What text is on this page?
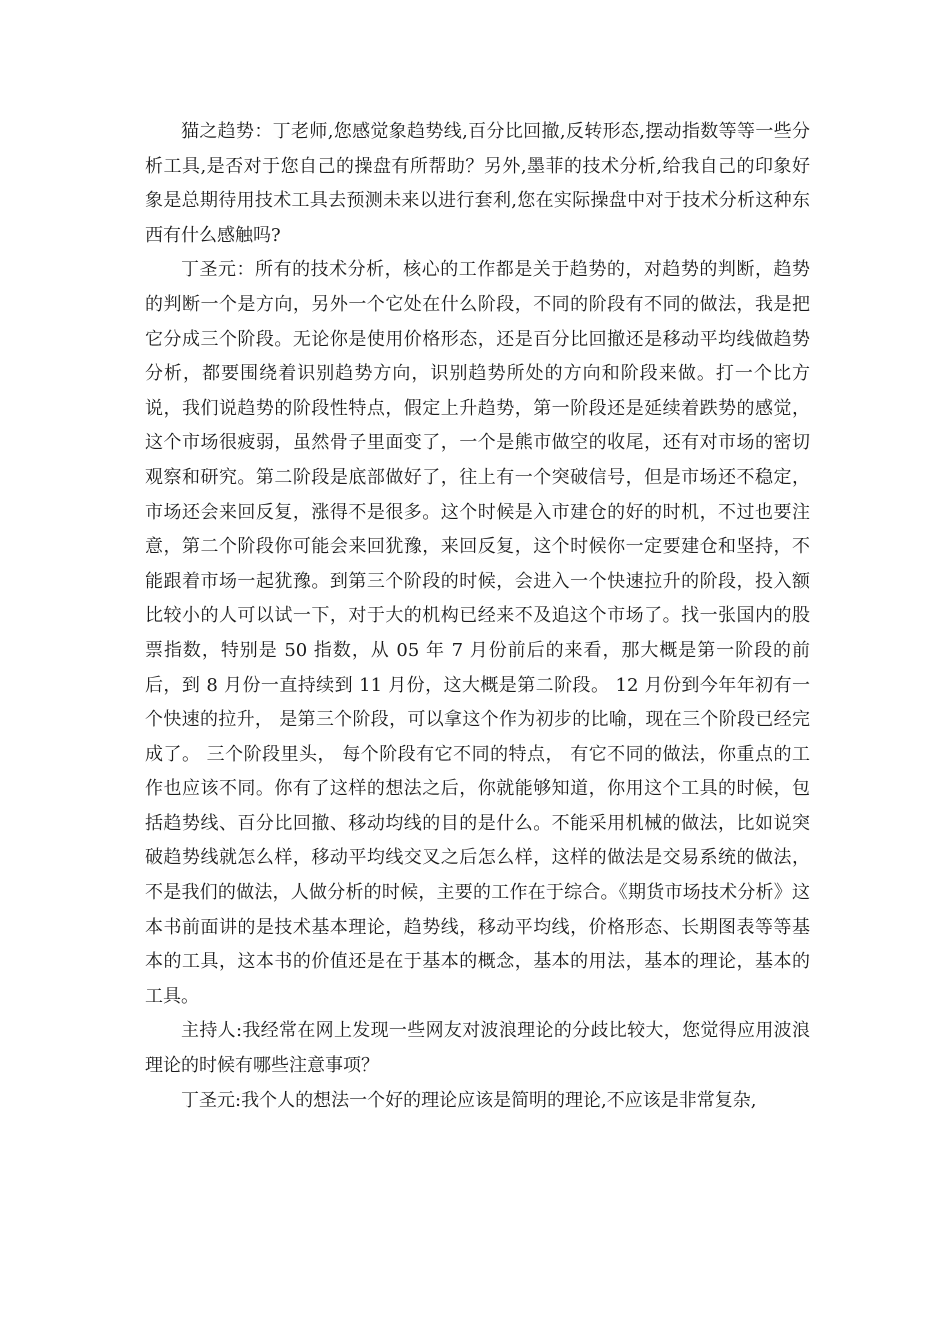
猫之趋势：丁老师,您感觉象趋势线,百分比回撤,反转形态,摆动指数等等一些分析工具,是否对于您自己的操盘有所帮助？另外,墨菲的技术分析,给我自己的印象好象是总期待用技术工具去预测未来以进行套利,您在实际操盘中对于技术分析这种东西有什么感触吗?

丁圣元：所有的技术分析，核心的工作都是关于趋势的，对趋势的判断，趋势的判断一个是方向，另外一个它处在什么阶段，不同的阶段有不同的做法，我是把它分成三个阶段。无论你是使用价格形态，还是百分比回撤还是移动平均线做趋势分析，都要围绕着识别趋势方向，识别趋势所处的方向和阶段来做。打一个比方说，我们说趋势的阶段性特点，假定上升趋势，第一阶段还是延续着跌势的感觉，这个市场很疲弱，虽然骨子里面变了，一个是熊市做空的收尾，还有对市场的密切观察和研究。第二阶段是底部做好了，往上有一个突破信号，但是市场还不稳定，市场还会来回反复，涨得不是很多。这个时候是入市建仓的好的时机，不过也要注意，第二个阶段你可能会来回犹豫，来回反复，这个时候你一定要建仓和坚持，不能跟着市场一起犹豫。到第三个阶段的时候，会进入一个快速拉升的阶段，投入额比较小的人可以试一下，对于大的机构已经来不及追这个市场了。找一张国内的股票指数，特别是 50 指数，从 05 年 7 月份前后的来看，那大概是第一阶段的前后，到 8 月份一直持续到 11 月份，这大概是第二阶段。 12 月份到今年年初有一个快速的拉升， 是第三个阶段，可以拿这个作为初步的比喻，现在三个阶段已经完成了。 三个阶段里头， 每个阶段有它不同的特点， 有它不同的做法，你重点的工作也应该不同。你有了这样的想法之后，你就能够知道，你用这个工具的时候，包括趋势线、百分比回撤、移动均线的目的是什么。不能采用机械的做法，比如说突破趋势线就怎么样，移动平均线交叉之后怎么样，这样的做法是交易系统的做法，不是我们的做法，人做分析的时候，主要的工作在于综合。《期货市场技术分析》这本书前面讲的是技术基本理论，趋势线，移动平均线，价格形态、长期图表等等基本的工具，这本书的价值还是在于基本的概念，基本的用法，基本的理论，基本的工具。

主持人:我经常在网上发现一些网友对波浪理论的分歧比较大，您觉得应用波浪理论的时候有哪些注意事项？

丁圣元:我个人的想法一个好的理论应该是简明的理论,不应该是非常复杂,
